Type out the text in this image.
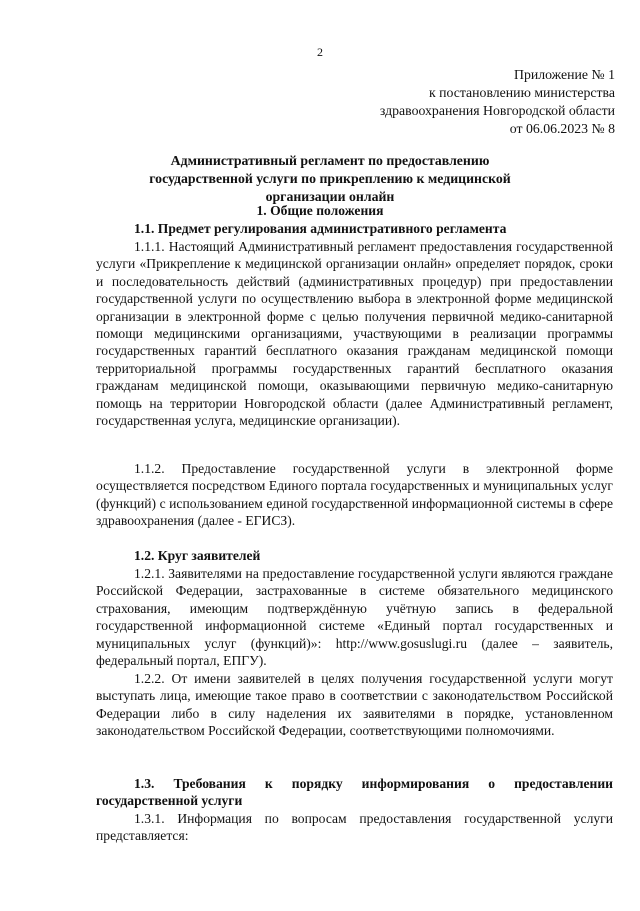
2
Приложение № 1
к постановлению министерства
здравоохранения Новгородской области
от 06.06.2023 № 8
Административный регламент по предоставлению государственной услуги по прикреплению к медицинской организации онлайн
1. Общие положения
1.1. Предмет регулирования административного регламента
1.1.1. Настоящий Административный регламент предоставления государственной услуги «Прикрепление к медицинской организации онлайн» определяет порядок, сроки и последовательность действий (административных процедур) при предоставлении государственной услуги по осуществлению выбора в электронной форме медицинской организации в электронной форме с целью получения первичной медико-санитарной помощи медицинскими организациями, участвующими в реализации программы государственных гарантий бесплатного оказания гражданам медицинской помощи территориальной программы государственных гарантий бесплатного оказания гражданам медицинской помощи, оказывающими первичную медико-санитарную помощь на территории Новгородской области (далее Административный регламент, государственная услуга, медицинские организации).
1.1.2. Предоставление государственной услуги в электронной форме осуществляется посредством Единого портала государственных и муниципальных услуг (функций) с использованием единой государственной информационной системы в сфере здравоохранения (далее - ЕГИСЗ).
1.2. Круг заявителей
1.2.1. Заявителями на предоставление государственной услуги являются граждане Российской Федерации, застрахованные в системе обязательного медицинского страхования, имеющим подтверждённую учётную запись в федеральной государственной информационной системе «Единый портал государственных и муниципальных услуг (функций)»: http://www.gosuslugi.ru (далее – заявитель, федеральный портал, ЕПГУ).
1.2.2. От имени заявителей в целях получения государственной услуги могут выступать лица, имеющие такое право в соответствии с законодательством Российской Федерации либо в силу наделения их заявителями в порядке, установленном законодательством Российской Федерации, соответствующими полномочиями.
1.3. Требования к порядку информирования о предоставлении государственной услуги
1.3.1. Информация по вопросам предоставления государственной услуги представляется:
